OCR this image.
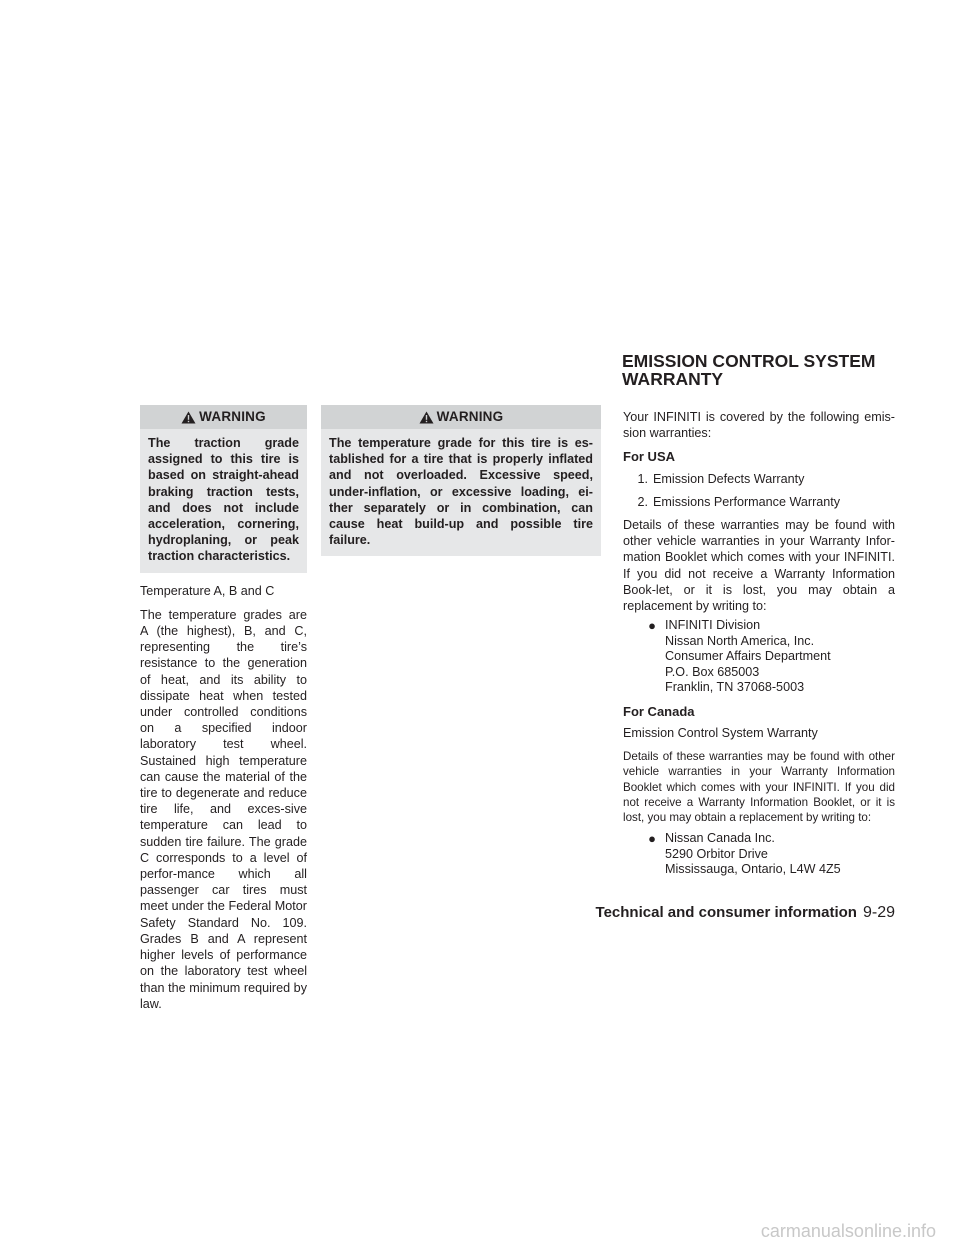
EMISSION CONTROL SYSTEM WARRANTY
WARNING
The traction grade assigned to this tire is based on straight-ahead braking traction tests, and does not include acceleration, cornering, hydroplaning, or peak traction characteristics.

Temperature A, B and C

The temperature grades are A (the highest), B, and C, representing the tire’s resistance to the generation of heat, and its ability to dissipate heat when tested under controlled conditions on a specified indoor laboratory test wheel. Sustained high temperature can cause the material of the tire to degenerate and reduce tire life, and exces-sive temperature can lead to sudden tire failure. The grade C corresponds to a level of perfor-mance which all passenger car tires must meet under the Federal Motor Safety Standard No. 109. Grades B and A represent higher levels of performance on the laboratory test wheel than the minimum required by law.

WARNING
The temperature grade for this tire is es-tablished for a tire that is properly inflated and not overloaded. Excessive speed, under-inflation, or excessive loading, ei-ther separately or in combination, can cause heat build-up and possible tire failure.

Your INFINITI is covered by the following emis-sion warranties:

For USA
1. Emission Defects Warranty
2. Emissions Performance Warranty

Details of these warranties may be found with other vehicle warranties in your Warranty Infor-mation Booklet which comes with your INFINITI. If you did not receive a Warranty Information Book-let, or it is lost, you may obtain a replacement by writing to:

● INFINITI Division
Nissan North America, Inc.
Consumer Affairs Department
P.O. Box 685003
Franklin, TN 37068-5003
For Canada

Emission Control System Warranty

Details of these warranties may be found with other vehicle warranties in your Warranty Information Booklet which comes with your INFINITI. If you did not receive a Warranty Information Booklet, or it is lost, you may obtain a replacement by writing to:

● Nissan Canada Inc.
5290 Orbitor Drive
Mississauga, Ontario, L4W 4Z5
Technical and consumer information 9-29
carmanualsonline.info
